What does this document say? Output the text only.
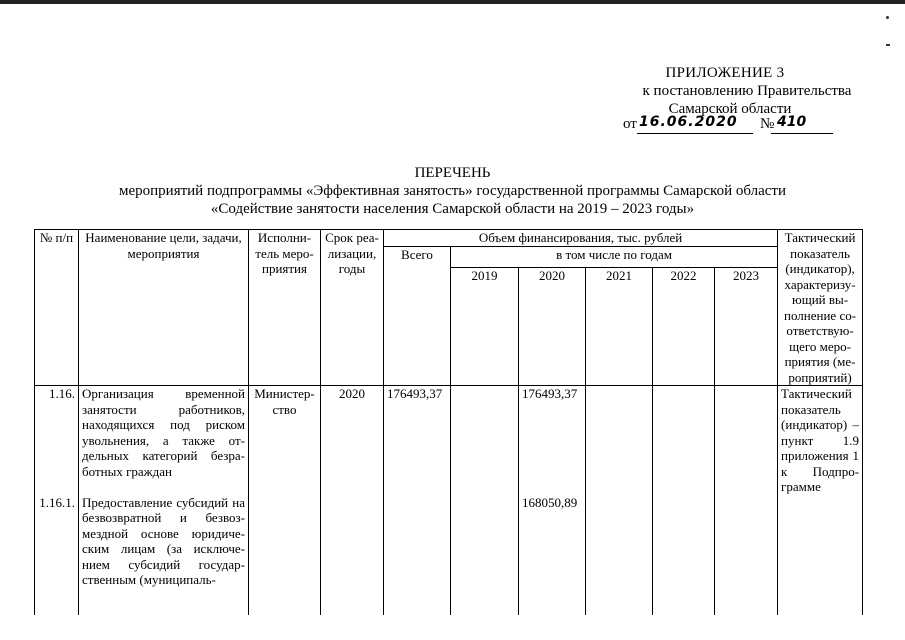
ПРИЛОЖЕНИЕ 3
к постановлению Правительства
Самарской области
от 16.06.2020 № 410
ПЕРЕЧЕНЬ
мероприятий подпрограммы «Эффективная занятость» государственной программы Самарской области
«Содействие занятости населения Самарской области на 2019 – 2023 годы»
№ п/п	Наименование цели, задачи, мероприятия	Исполни-тель меро-приятия	Срок реа-лизации, годы	Объем финансирования, тыс. рублей						Тактический показатель (индикатор), характеризу-ющий вы-полнение со-ответствую-щего меро-приятия (ме-роприятий)
				Всего	в том числе по годам					
					2019	2020	2021	2022	2023	
1.16.	Организация временной занятости работников, находящихся под риском увольнения, а также от-дельных категорий безра-ботных граждан	Министер-ство	2020	176493,37		176493,37				Тактический показатель (индикатор) – пункт 1.9 приложения 1 к Подпро-грамме
1.16.1.	Предоставление субсидий на безвозвратной и безвоз-мездной основе юридиче-ским лицам (за исключе-нием субсидий государ-ственным (муниципаль-					168050,89				
